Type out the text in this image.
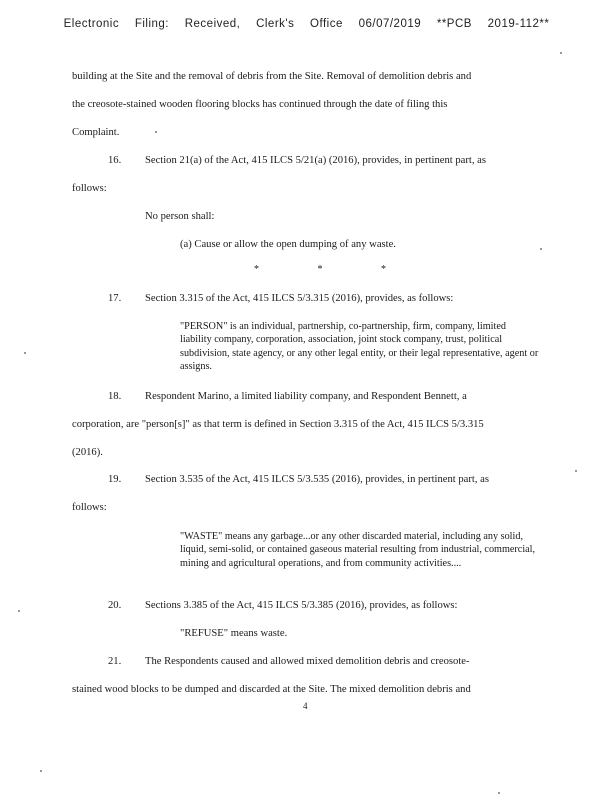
Electronic Filing: Received, Clerk's Office 06/07/2019 **PCB 2019-112**
building at the Site and the removal of debris from the Site. Removal of demolition debris and
the creosote-stained wooden flooring blocks has continued through the date of filing this
Complaint.
16. Section 21(a) of the Act, 415 ILCS 5/21(a) (2016), provides, in pertinent part, as
follows:
No person shall:
(a) Cause or allow the open dumping of any waste.
* * *
17. Section 3.315 of the Act, 415 ILCS 5/3.315 (2016), provides, as follows:
"PERSON" is an individual, partnership, co-partnership, firm, company, limited liability company, corporation, association, joint stock company, trust, political subdivision, state agency, or any other legal entity, or their legal representative, agent or assigns.
18. Respondent Marino, a limited liability company, and Respondent Bennett, a
corporation, are "person[s]" as that term is defined in Section 3.315 of the Act, 415 ILCS 5/3.315
(2016).
19. Section 3.535 of the Act, 415 ILCS 5/3.535 (2016), provides, in pertinent part, as
follows:
"WASTE" means any garbage...or any other discarded material, including any solid, liquid, semi-solid, or contained gaseous material resulting from industrial, commercial, mining and agricultural operations, and from community activities....
20. Sections 3.385 of the Act, 415 ILCS 5/3.385 (2016), provides, as follows:
"REFUSE" means waste.
21. The Respondents caused and allowed mixed demolition debris and creosote-
stained wood blocks to be dumped and discarded at the Site. The mixed demolition debris and
4
